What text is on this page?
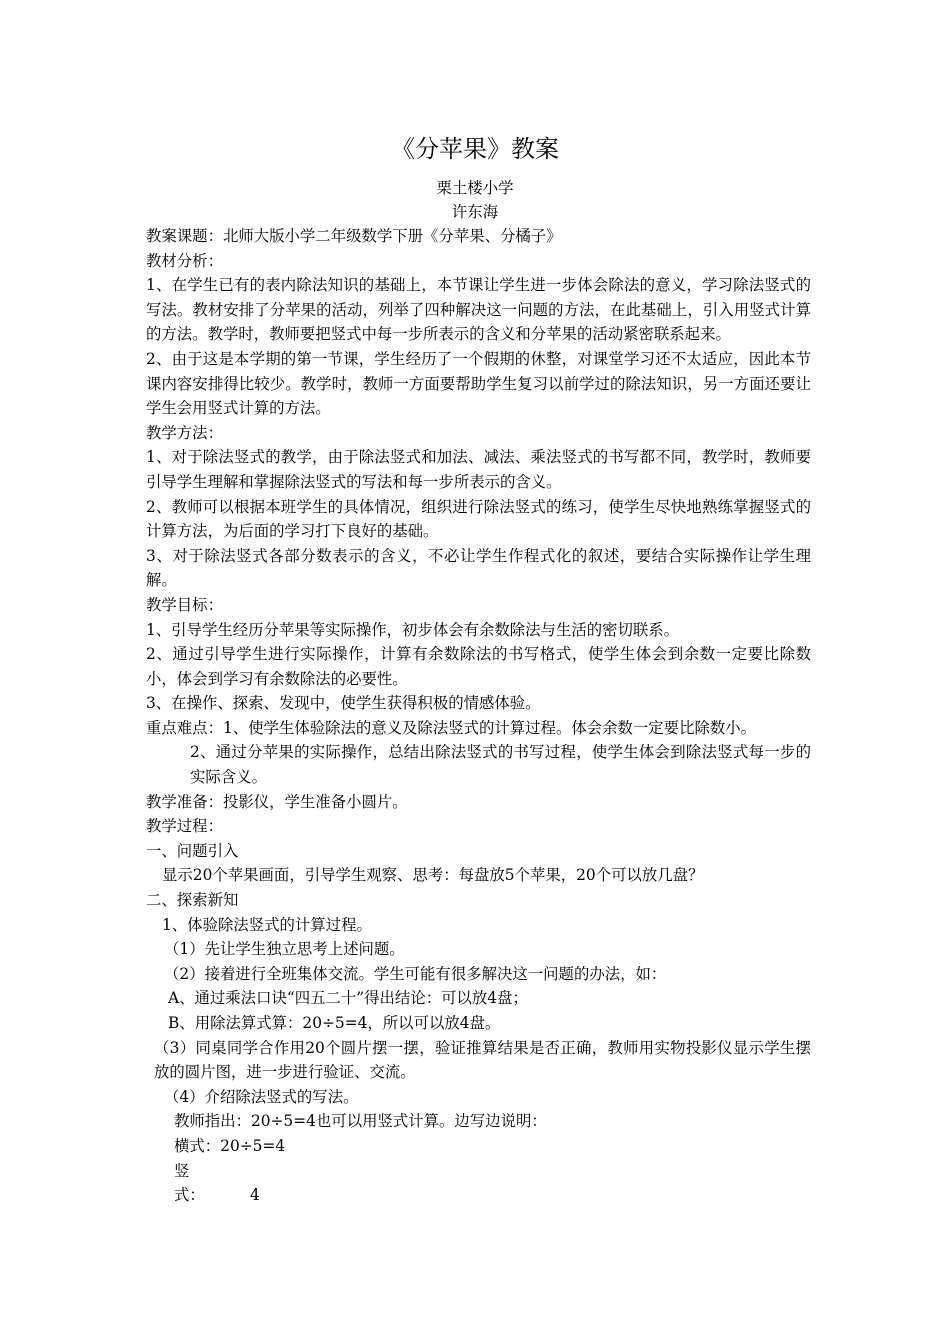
《分苹果》教案
栗土楼小学
许东海

教案课题：北师大版小学二年级数学下册《分苹果、分橘子》

教材分析：

1、在学生已有的表内除法知识的基础上，本节课让学生进一步体会除法的意义，学习除法竖式的写法。教材安排了分苹果的活动，列举了四种解决这一问题的方法，在此基础上，引入用竖式计算的方法。教学时，教师要把竖式中每一步所表示的含义和分苹果的活动紧密联系起来。

2、由于这是本学期的第一节课，学生经历了一个假期的休整，对课堂学习还不太适应，因此本节课内容安排得比较少。教学时，教师一方面要帮助学生复习以前学过的除法知识，另一方面还要让学生会用竖式计算的方法。

教学方法：

1、对于除法竖式的教学，由于除法竖式和加法、减法、乘法竖式的书写都不同，教学时，教师要引导学生理解和掌握除法竖式的写法和每一步所表示的含义。

2、教师可以根据本班学生的具体情况，组织进行除法竖式的练习，使学生尽快地熟练掌握竖式的计算方法，为后面的学习打下良好的基础。

3、对于除法竖式各部分数表示的含义，不必让学生作程式化的叙述，要结合实际操作让学生理解。

教学目标：

1、引导学生经历分苹果等实际操作，初步体会有余数除法与生活的密切联系。

2、通过引导学生进行实际操作，计算有余数除法的书写格式，使学生体会到余数一定要比除数小，体会到学习有余数除法的必要性。

3、在操作、探索、发现中，使学生获得积极的情感体验。

重点难点：1、使学生体验除法的意义及除法竖式的计算过程。体会余数一定要比除数小。

2、通过分苹果的实际操作，总结出除法竖式的书写过程，使学生体会到除法竖式每一步的实际含义。

教学准备：投影仪，学生准备小圆片。

教学过程：

一、问题引入

显示20个苹果画面，引导学生观察、思考：每盘放5个苹果，20个可以放几盘？

二、探索新知

1、体验除法竖式的计算过程。

（1）先让学生独立思考上述问题。

（2）接着进行全班集体交流。学生可能有很多解决这一问题的办法，如：

A、通过乘法口诀“四五二十”得出结论：可以放4盘；

B、用除法算式算：20÷5=4，所以可以放4盘。

（3）同桌同学合作用20个圆片摆一摆，验证推算结果是否正确，教师用实物投影仪显示学生摆放的圆片图，进一步进行验证、交流。

（4）介绍除法竖式的写法。

教师指出：20÷5=4也可以用竖式计算。边写边说明：

横式：20÷5=4

竖式：	4
